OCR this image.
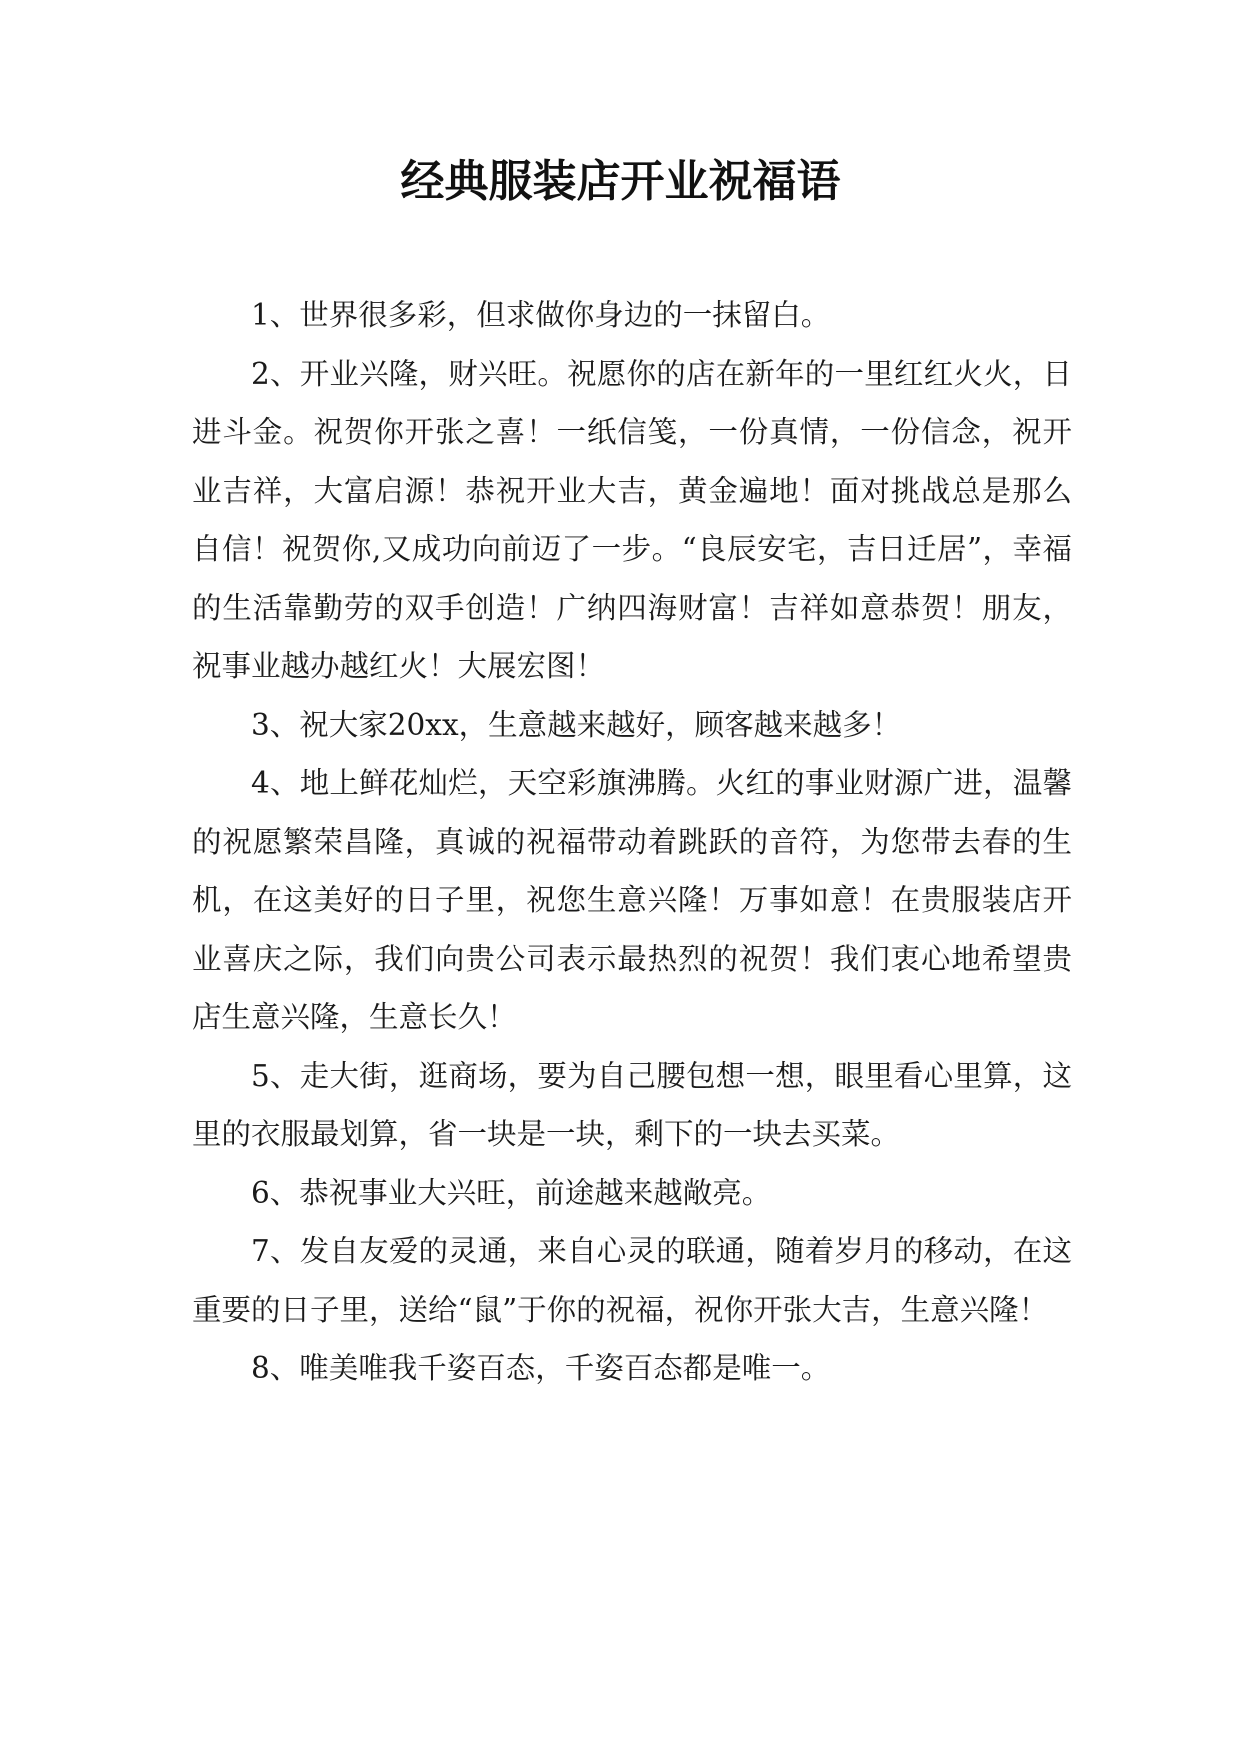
经典服装店开业祝福语

1、世界很多彩，但求做你身边的一抹留白。

2、开业兴隆，财兴旺。祝愿你的店在新年的一里红红火火，日进斗金。祝贺你开张之喜！一纸信笺，一份真情，一份信念，祝开业吉祥，大富启源！恭祝开业大吉，黄金遍地！面对挑战总是那么自信！祝贺你,又成功向前迈了一步。“良辰安宅，吉日迁居”，幸福的生活靠勤劳的双手创造！广纳四海财富！吉祥如意恭贺！朋友，祝事业越办越红火！大展宏图！

3、祝大家20xx，生意越来越好，顾客越来越多！

4、地上鲜花灿烂，天空彩旗沸腾。火红的事业财源广进，温馨的祝愿繁荣昌隆，真诚的祝福带动着跳跃的音符，为您带去春的生机，在这美好的日子里，祝您生意兴隆！万事如意！在贵服装店开业喜庆之际，我们向贵公司表示最热烈的祝贺！我们衷心地希望贵店生意兴隆，生意长久！

5、走大街，逛商场，要为自己腰包想一想，眼里看心里算，这里的衣服最划算，省一块是一块，剩下的一块去买菜。

6、恭祝事业大兴旺，前途越来越敞亮。

7、发自友爱的灵通，来自心灵的联通，随着岁月的移动，在这重要的日子里，送给“鼠”于你的祝福，祝你开张大吉，生意兴隆！

8、唯美唯我千姿百态，千姿百态都是唯一。
